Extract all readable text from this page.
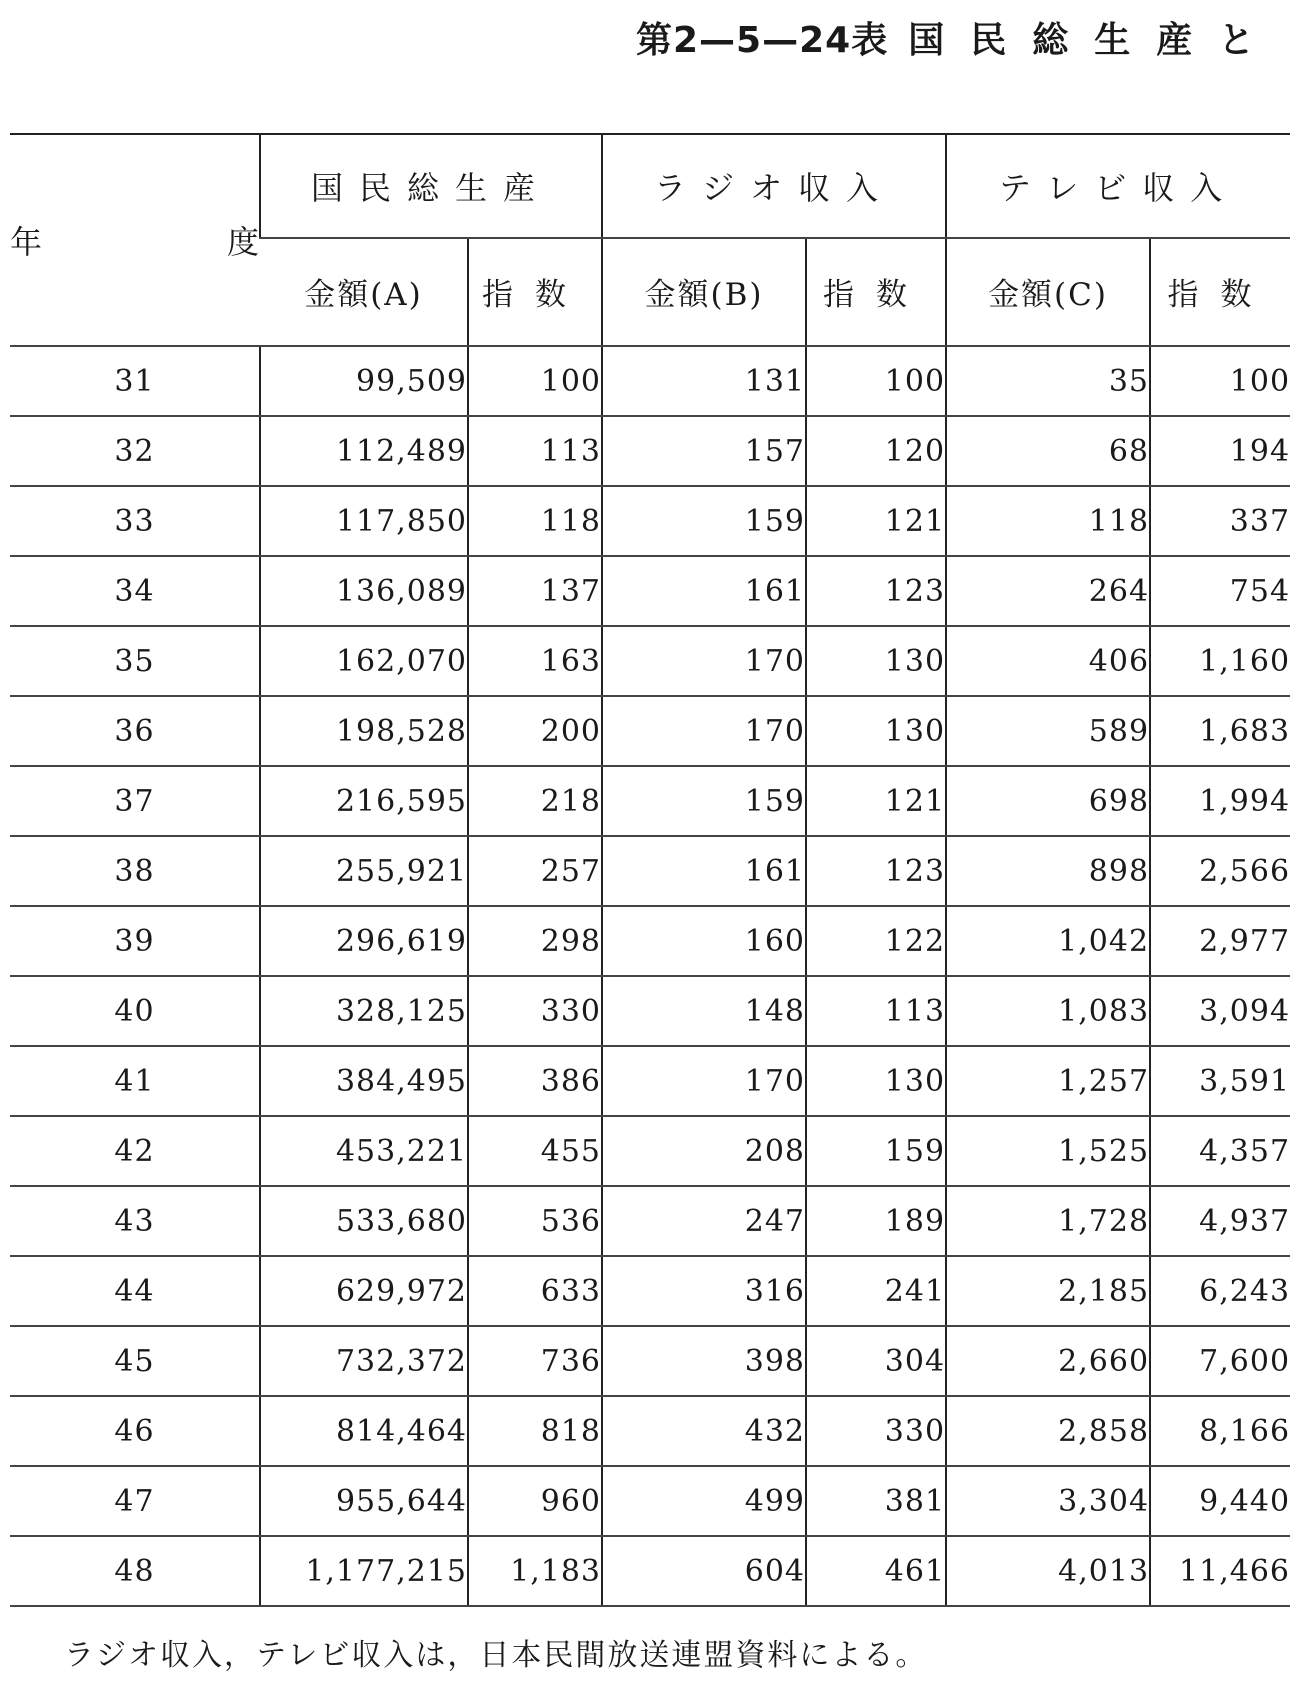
第2—5—24表 国民総生産と
年 度	国民総生産		ラジオ収入		テレビ収入	
	金額(A)	指数	金額(B)	指数	金額(C)	指数
31	99,509	100	131	100	35	100
32	112,489	113	157	120	68	194
33	117,850	118	159	121	118	337
34	136,089	137	161	123	264	754
35	162,070	163	170	130	406	1,160
36	198,528	200	170	130	589	1,683
37	216,595	218	159	121	698	1,994
38	255,921	257	161	123	898	2,566
39	296,619	298	160	122	1,042	2,977
40	328,125	330	148	113	1,083	3,094
41	384,495	386	170	130	1,257	3,591
42	453,221	455	208	159	1,525	4,357
43	533,680	536	247	189	1,728	4,937
44	629,972	633	316	241	2,185	6,243
45	732,372	736	398	304	2,660	7,600
46	814,464	818	432	330	2,858	8,166
47	955,644	960	499	381	3,304	9,440
48	1,177,215	1,183	604	461	4,013	11,466
ラジオ収入，テレビ収入は，日本民間放送連盟資料による。
